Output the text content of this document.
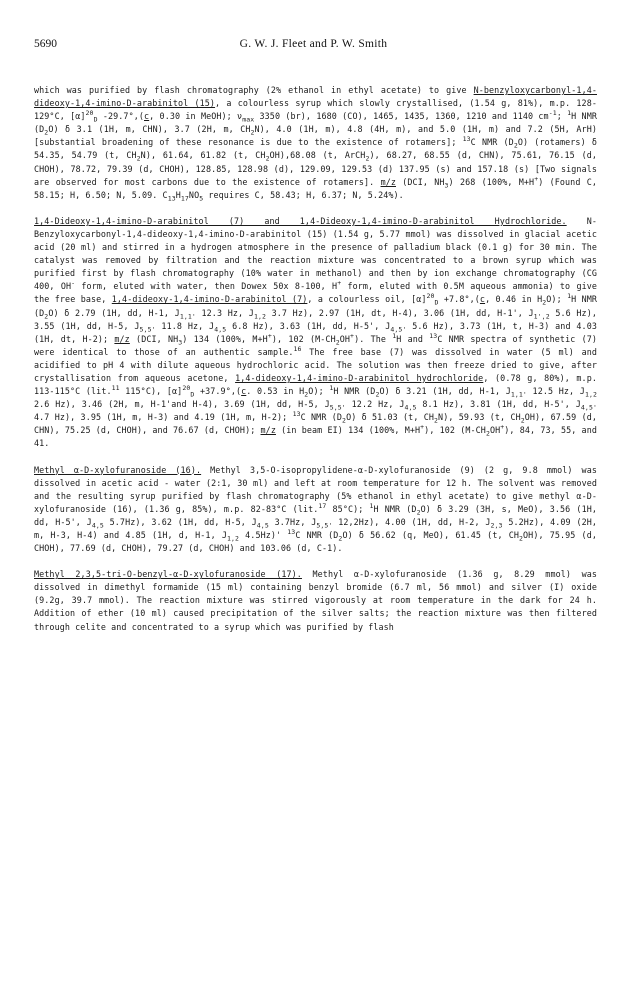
5690	G. W. J. Fleet and P. W. Smith

which was purified by flash chromatography (2% ethanol in ethyl acetate) to give N-benzyloxycarbonyl-1,4-dideoxy-1,4-imino-D-arabinitol (15), a colourless syrup which slowly crystallised, (1.54 g, 81%), m.p. 128-129°C, $[\alpha]^{20}_D$ -29.7°,(c, 0.30 in MeOH); $\nu_{max}$ 3350 (br), 1680 (CO), 1465, 1435, 1360, 1210 and 1140 $cm^{-1}$; $^1$H NMR $(D_2O)$ δ 3.1 (1H, m, CHN), 3.7 (2H, m, $CH_2N$), 4.0 (1H, m), 4.8 (4H, m), and 5.0 (1H, m) and 7.2 (5H, ArH) [substantial broadening of these resonance is due to the existence of rotamers]; $^{13}$C NMR $(D_2O)$ (rotamers) δ 54.35, 54.79 (t, $CH_2N$), 61.64, 61.82 (t, $CH_2OH),68.08$ (t, ArCH$_2$), 68.27, 68.55 (d, CHN), 75.61, 76.15 (d, CHOH), 78.72, 79.39 (d, CHOH), 128.85, 128.98 (d), 129.09, 129.53 (d) 137.95 (s) and 157.18 (s) [Two signals are observed for most carbons due to the existence of rotamers]. m/z (DCI, $NH_3$) 268 (100%, M+H+) (Found C, 58.15; H, 6.50; N, 5.09. $C_{13}H_{17}NO_5$ requires C, 58.43; H, 6.37; N, 5.24%).

1,4-Dideoxy-1,4-imino-D-arabinitol (7) and 1,4-Dideoxy-1,4-imino-D-arabinitol Hydrochloride. N-Benzyloxycarbonyl-1,4-dideoxy-1,4-imino-D-arabinitol (15) (1.54 g, 5.77 mmol) was dissolved in glacial acetic acid (20 ml) and stirred in a hydrogen atmosphere in the presence of palladium black (0.1 g) for 30 min. The catalyst was removed by filtration and the reaction mixture was concentrated to a brown syrup which was purified first by flash chromatography (10% water in methanol) and then by ion exchange chromatography (CG 400, OH- form, eluted with water, then Dowex 50x 8-100, H+ form, eluted with 0.5M aqueous ammonia) to give the free base, 1,4-dideoxy-1,4-imino-D-arabinitol (7), a colourless oil, $[\alpha]^{20}_D +7.8^\circ,(c$, 0.46 in $H_2O$); $^1$H NMR $(D_2O)$ δ 2.79 (1H, dd, H-1, $J_{1,1'}$ 12.3 Hz, $J_{1,2}$ 3.7 Hz), 2.97 (1H, dt, H-4), 3.06 (1H, dd, H-1', $J_{1',2}$ 5.6 Hz), 3.55 (1H, dd, H-5, $J_{5,5'}$ 11.8 Hz, $J_{4,5}$ 6.8 Hz), 3.63 (1H, dd, H-5', $J_{4,5'}$ 5.6 Hz), 3.73 (1H, t, H-3) and 4.03 (1H, dt, H-2); m/z (DCI, $NH_3$) 134 (100%, M+H+), 102 $(M-CH_2OH^+)$. The $^1$H and $^{13}$C NMR spectra of synthetic (7) were identical to those of an authentic sample.$^{16}$ The free base (7) was dissolved in water (5 ml) and acidified to pH 4 with dilute aqueous hydrochloric acid. The solution was then freeze dried to give, after crystallisation from aqueous acetone, 1,4-dideoxy-1,4-imino-D-arabinitol hydrochloride, (0.78 g, 80%), m.p. 113-115°C (lit.$^{11}$ 115°C), $[\alpha]^{20}_D +37.9^\circ,(c$. 0.53 in $H_2O$); $^1$H NMR $(D_2O)$ δ 3.21 (1H, dd, H-1, $J_{1,1'}$ 12.5 Hz, $J_{1,2}$ 2.6 Hz), 3.46 (2H, m, H-1'and H-4), 3.69 (1H, dd, H-5, $J_{5,5'}$ 12.2 Hz, $J_{4,5}$ 8.1 Hz), 3.81 (1H, dd, H-5', $J_{4,5'}$ 4.7 Hz), 3.95 (1H, m, H-3) and 4.19 (1H, m, H-2); $^{13}$C NMR $(D_2O)$ δ 51.03 (t, $CH_2N$), 59.93 (t, $CH_2OH$), 67.59 (d, CHN), 75.25 (d, CHOH), and 76.67 (d, CHOH); m/z (in beam EI) 134 (100%, M+H+), 102 $(M-CH_2OH^+)$, 84, 73, 55, and 41.

Methyl α-D-xylofuranoside (16). Methyl 3,5-O-isopropylidene-α-D-xylofuranoside (9) (2 g, 9.8 mmol) was dissolved in acetic acid - water (2:1, 30 ml) and left at room temperature for 12 h. The solvent was removed and the resulting syrup purified by flash chromatography (5% ethanol in ethyl acetate) to give methyl α-D-xylofuranoside (16), (1.36 g, 85%), m.p. 82-83°C (lit.$^{17}$ 85°C); $^1$H NMR $(D_2O)$ δ 3.29 (3H, s, MeO), 3.56 (1H, dd, H-5', $J_{4,5}$ 5.7Hz), 3.62 (1H, dd, H-5, $J_{4,5}$ 3.7Hz, $J_{5,5'}$ 12,2Hz), 4.00 (1H, dd, H-2, $J_{2,3}$ 5.2Hz), 4.09 (2H, m, H-3, H-4) and 4.85 (1H, d, H-1, $J_{1,2}$ 4.5Hz)' $^{13}$C NMR $(D_2O)$ δ 56.62 (q, MeO), 61.45 (t, $CH_2OH$), 75.95 (d, CHOH), 77.69 (d, CHOH), 79.27 (d, CHOH) and 103.06 (d, C-1).

Methyl 2,3,5-tri-O-benzyl-α-D-xylofuranoside (17). Methyl α-D-xylofuranoside (1.36 g, 8.29 mmol) was dissolved in dimethyl formamide (15 ml) containing benzyl bromide (6.7 ml, 56 mmol) and silver (I) oxide (9.2g, 39.7 mmol). The reaction mixture was stirred vigorously at room temperature in the dark for 24 h. Addition of ether (10 ml) caused precipitation of the silver salts; the reaction mixture was then filtered through celite and concentrated to a syrup which was purified by flash
